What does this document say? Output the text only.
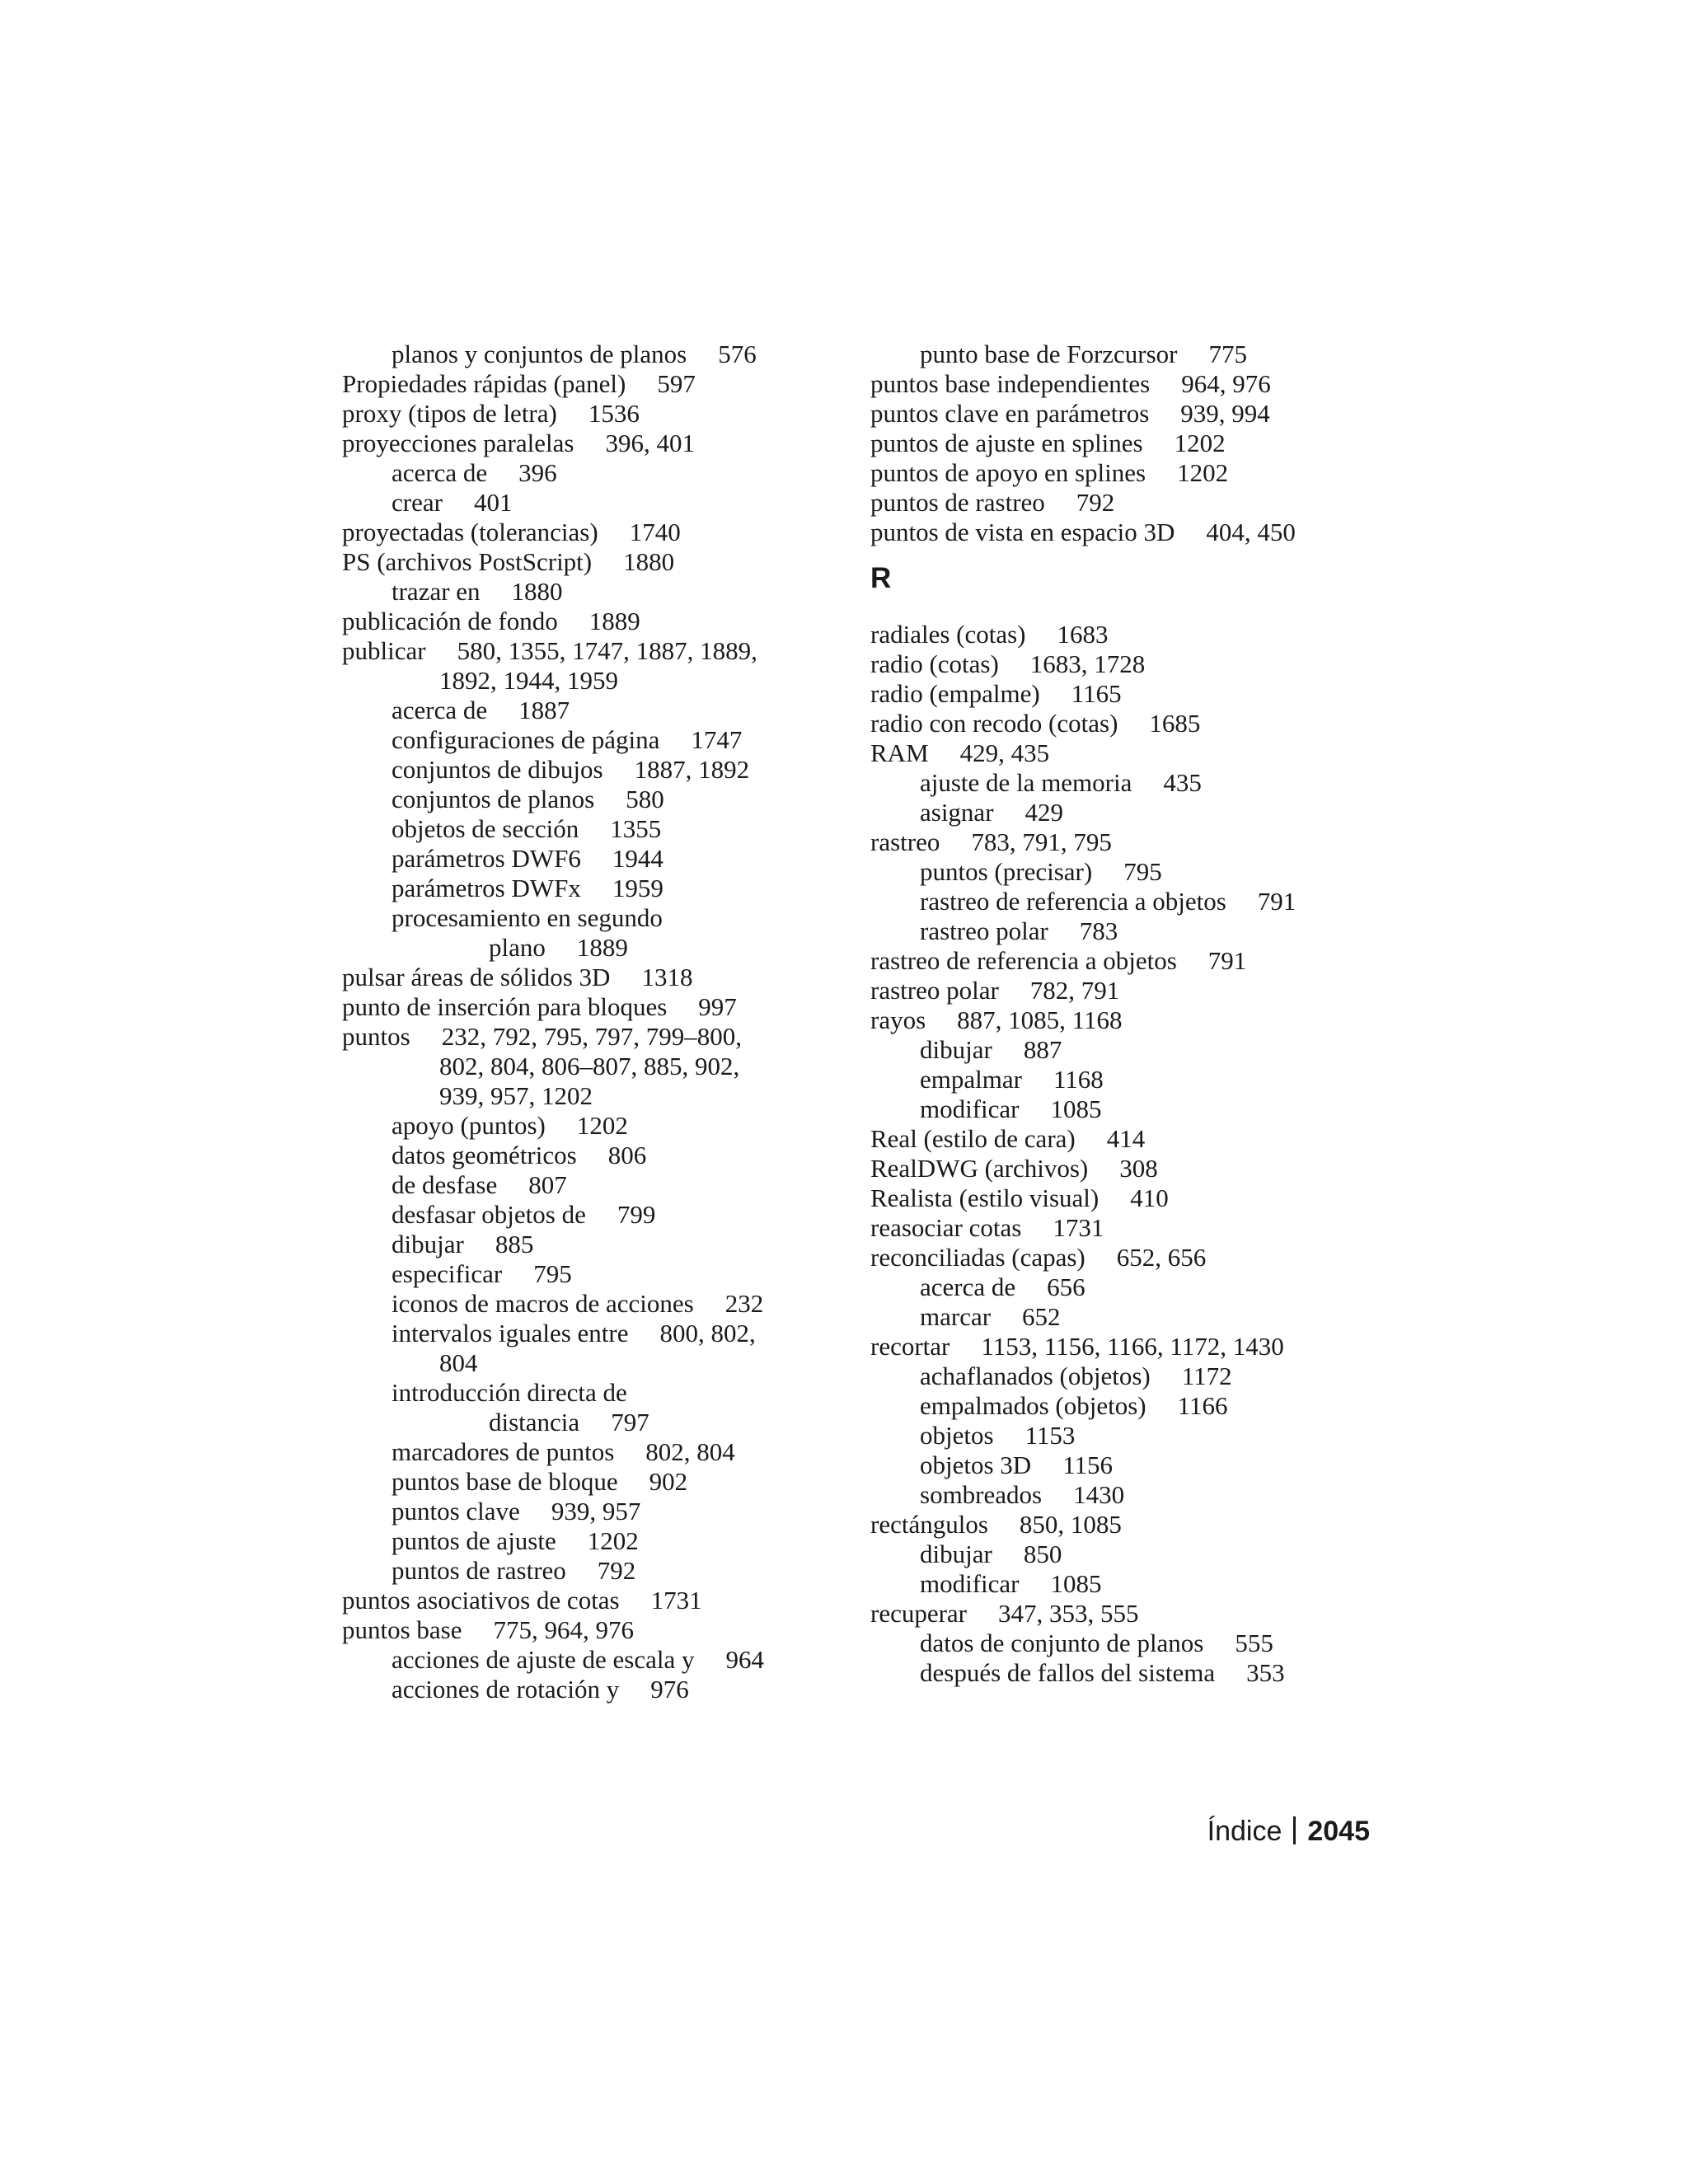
planos y conjuntos de planos 576
Propiedades rápidas (panel) 597
proxy (tipos de letra) 1536
proyecciones paralelas 396, 401
acerca de 396
crear 401
proyectadas (tolerancias) 1740
PS (archivos PostScript) 1880
trazar en 1880
publicación de fondo 1889
publicar 580, 1355, 1747, 1887, 1889,
1892, 1944, 1959
acerca de 1887
configuraciones de página 1747
conjuntos de dibujos 1887, 1892
conjuntos de planos 580
objetos de sección 1355
parámetros DWF6 1944
parámetros DWFx 1959
procesamiento en segundo
plano 1889
pulsar áreas de sólidos 3D 1318
punto de inserción para bloques 997
puntos 232, 792, 795, 797, 799–800,
802, 804, 806–807, 885, 902,
939, 957, 1202
apoyo (puntos) 1202
datos geométricos 806
de desfase 807
desfasar objetos de 799
dibujar 885
especificar 795
iconos de macros de acciones 232
intervalos iguales entre 800, 802,
804
introducción directa de
distancia 797
marcadores de puntos 802, 804
puntos base de bloque 902
puntos clave 939, 957
puntos de ajuste 1202
puntos de rastreo 792
puntos asociativos de cotas 1731
puntos base 775, 964, 976
acciones de ajuste de escala y 964
acciones de rotación y 976
punto base de Forzcursor 775
puntos base independientes 964, 976
puntos clave en parámetros 939, 994
puntos de ajuste en splines 1202
puntos de apoyo en splines 1202
puntos de rastreo 792
puntos de vista en espacio 3D 404, 450
R
radiales (cotas) 1683
radio (cotas) 1683, 1728
radio (empalme) 1165
radio con recodo (cotas) 1685
RAM 429, 435
ajuste de la memoria 435
asignar 429
rastreo 783, 791, 795
puntos (precisar) 795
rastreo de referencia a objetos 791
rastreo polar 783
rastreo de referencia a objetos 791
rastreo polar 782, 791
rayos 887, 1085, 1168
dibujar 887
empalmar 1168
modificar 1085
Real (estilo de cara) 414
RealDWG (archivos) 308
Realista (estilo visual) 410
reasociar cotas 1731
reconciliadas (capas) 652, 656
acerca de 656
marcar 652
recortar 1153, 1156, 1166, 1172, 1430
achaflanados (objetos) 1172
empalmados (objetos) 1166
objetos 1153
objetos 3D 1156
sombreados 1430
rectángulos 850, 1085
dibujar 850
modificar 1085
recuperar 347, 353, 555
datos de conjunto de planos 555
después de fallos del sistema 353
Índice 2045
